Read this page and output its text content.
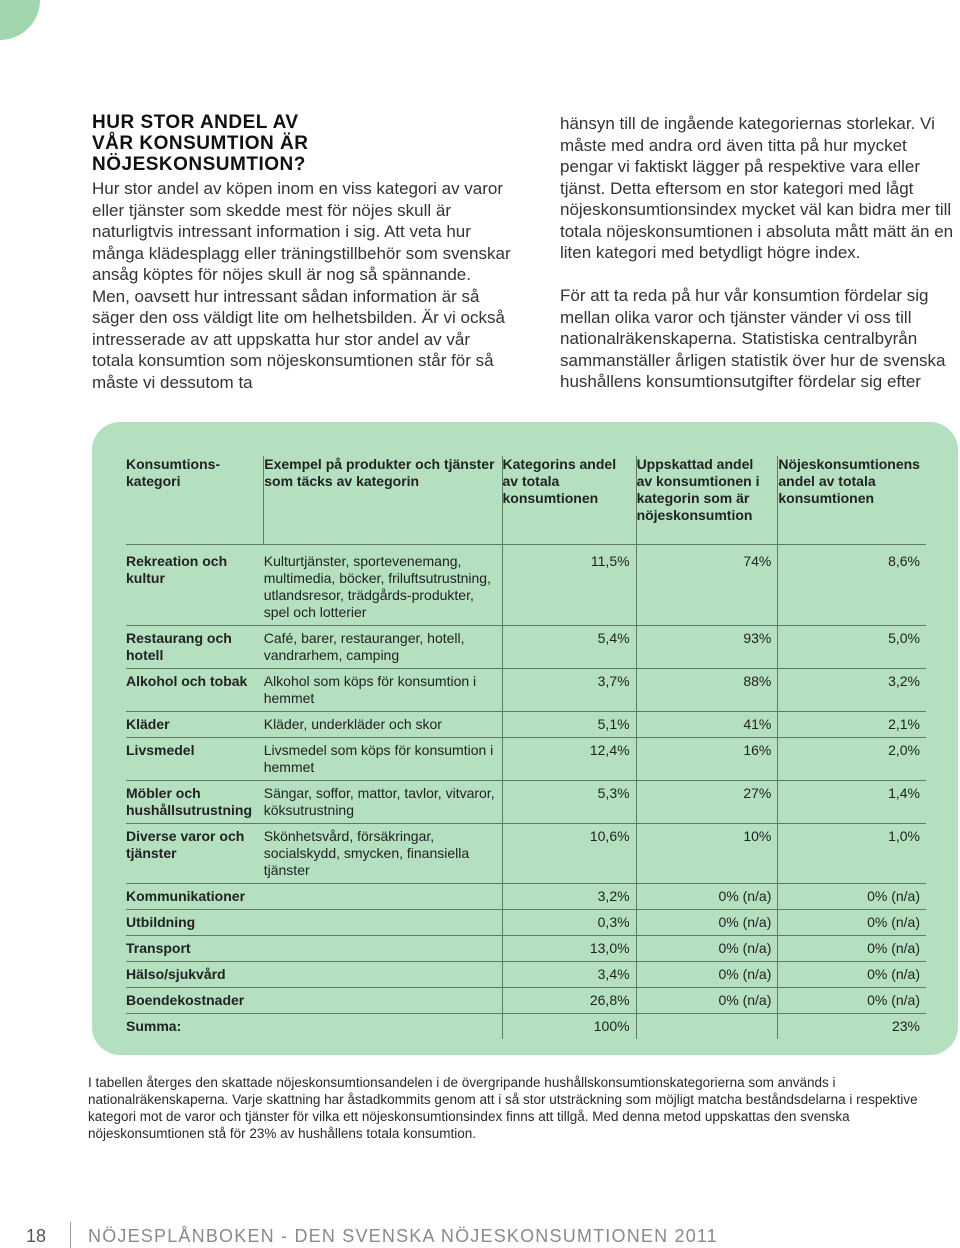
HUR STOR ANDEL AV
VÅR KONSUMTION ÄR
NÖJESKONSUMTION?

Hur stor andel av köpen inom en viss kategori av varor eller tjänster som skedde mest för nöjes skull är naturligtvis intressant information i sig. Att veta hur många klädesplagg eller träningstillbehör som svenskar ansåg köptes för nöjes skull är nog så spännande. Men, oavsett hur intressant sådan information är så säger den oss väldigt lite om helhetsbilden. Är vi också intresserade av att uppskatta hur stor andel av vår totala konsumtion som nöjeskonsumtionen står för så måste vi dessutom ta

hänsyn till de ingående kategoriernas storlekar. Vi måste med andra ord även titta på hur mycket pengar vi faktiskt lägger på respektive vara eller tjänst. Detta eftersom en stor kategori med lågt nöjeskonsumtionsindex mycket väl kan bidra mer till totala nöjeskonsumtionen i absoluta mått mätt än en liten kategori med betydligt högre index.

För att ta reda på hur vår konsumtion fördelar sig mellan olika varor och tjänster vänder vi oss till nationalräkenskaperna. Statistiska centralbyrån sammanställer årligen statistik över hur de svenska hushållens konsumtionsutgifter fördelar sig efter

Konsumtions-kategori	Exempel på produkter och tjänster som täcks av kategorin	Kategorins andel av totala konsumtionen	Uppskattad andel av konsumtionen i kategorin som är nöjeskonsumtion	Nöjeskonsumtionens andel av totala konsumtionen
Rekreation och kultur	Kulturtjänster, sportevenemang, multimedia, böcker, friluftsutrustning, utlandsresor, trädgårds-produkter, spel och lotterier	11,5%	74%	8,6%
Restaurang och hotell	Café, barer, restauranger, hotell, vandrarhem, camping	5,4%	93%	5,0%
Alkohol och tobak	Alkohol som köps för konsumtion i hemmet	3,7%	88%	3,2%
Kläder	Kläder, underkläder och skor	5,1%	41%	2,1%
Livsmedel	Livsmedel som köps för konsumtion i hemmet	12,4%	16%	2,0%
Möbler och hushållsutrustning	Sängar, soffor, mattor, tavlor, vitvaror, köksutrustning	5,3%	27%	1,4%
Diverse varor och tjänster	Skönhetsvård, försäkringar, socialskydd, smycken, finansiella tjänster	10,6%	10%	1,0%
Kommunikationer		3,2%	0% (n/a)	0% (n/a)
Utbildning		0,3%	0% (n/a)	0% (n/a)
Transport		13,0%	0% (n/a)	0% (n/a)
Hälso/sjukvård		3,4%	0% (n/a)	0% (n/a)
Boendekostnader		26,8%	0% (n/a)	0% (n/a)
Summa:		100%		23%
I tabellen återges den skattade nöjeskonsumtionsandelen i de övergripande hushållskonsumtionskategorierna som används i nationalräkenskaperna. Varje skattning har åstadkommits genom att i så stor utsträckning som möjligt matcha beståndsdelarna i respektive kategori mot de varor och tjänster för vilka ett nöjeskonsumtionsindex finns att tillgå. Med denna metod uppskattas den svenska nöjeskonsumtionen stå för 23% av hushållens totala konsumtion.
18 NÖJESPLÅNBOKEN - DEN SVENSKA NÖJESKONSUMTIONEN 2011
